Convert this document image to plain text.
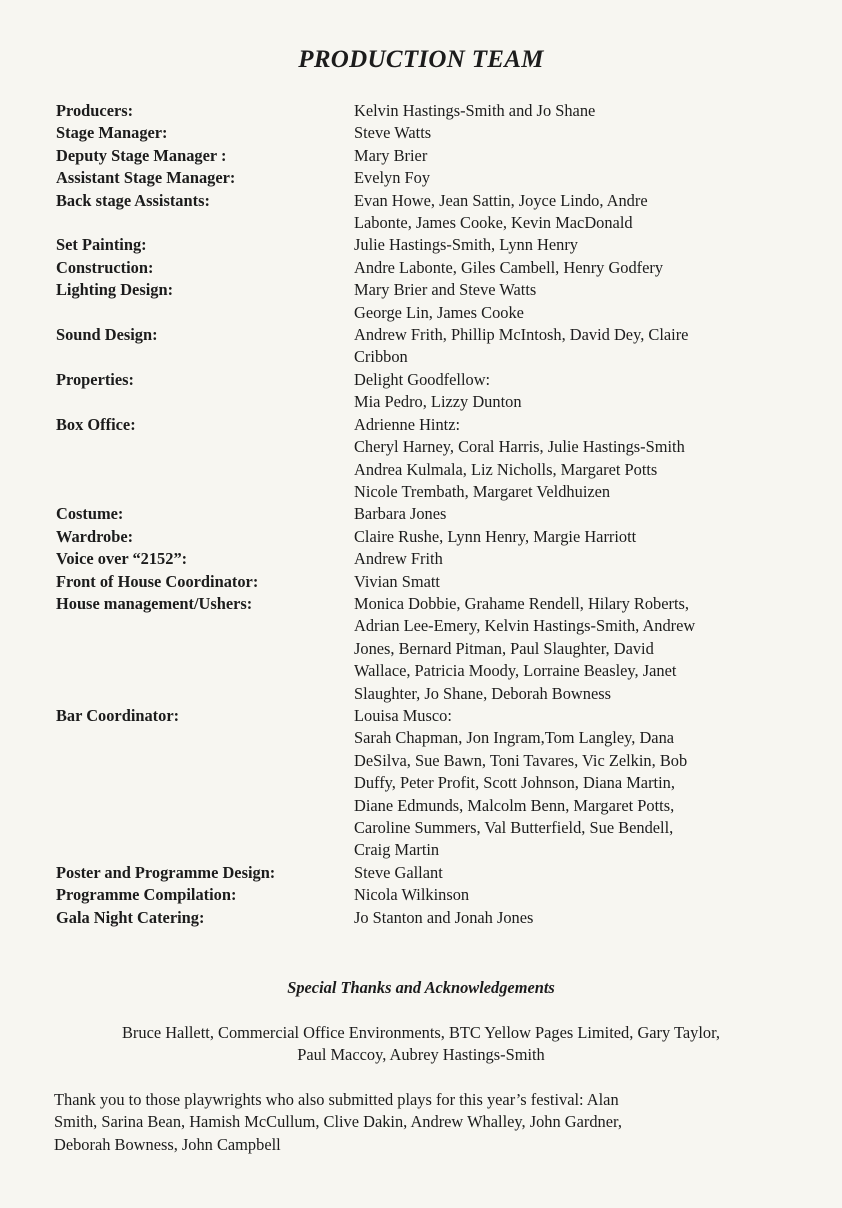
PRODUCTION TEAM
Producers:	Kelvin Hastings-Smith and Jo Shane
Stage Manager:	Steve Watts
Deputy Stage Manager :	Mary Brier
Assistant Stage Manager:	Evelyn Foy
Back stage Assistants:	Evan Howe, Jean Sattin, Joyce Lindo, Andre
Labonte, James Cooke, Kevin MacDonald
Set Painting:	Julie Hastings-Smith, Lynn Henry
Construction:	Andre Labonte, Giles Cambell, Henry Godfery
Lighting Design:	Mary Brier and Steve Watts
George Lin, James Cooke
Sound Design:	Andrew Frith, Phillip McIntosh, David Dey, Claire
Cribbon
Properties:	Delight Goodfellow:
Mia Pedro, Lizzy Dunton
Box Office:	Adrienne Hintz:
Cheryl Harney, Coral Harris, Julie Hastings-Smith
Andrea Kulmala, Liz Nicholls, Margaret Potts
Nicole Trembath, Margaret Veldhuizen
Costume:	Barbara Jones
Wardrobe:	Claire Rushe, Lynn Henry, Margie Harriott
Voice over “2152”:	Andrew Frith
Front of House Coordinator:	Vivian Smatt
House management/Ushers:	Monica Dobbie, Grahame Rendell, Hilary Roberts,
Adrian Lee-Emery, Kelvin Hastings-Smith, Andrew
Jones, Bernard Pitman, Paul Slaughter, David
Wallace, Patricia Moody, Lorraine Beasley, Janet
Slaughter, Jo Shane, Deborah Bowness
Bar Coordinator:	Louisa Musco:
Sarah Chapman, Jon Ingram,Tom Langley, Dana
DeSilva, Sue Bawn, Toni Tavares, Vic Zelkin, Bob
Duffy, Peter Profit, Scott Johnson, Diana Martin,
Diane Edmunds, Malcolm Benn, Margaret Potts,
Caroline Summers, Val Butterfield, Sue Bendell,
Craig Martin
Poster and Programme Design:	Steve Gallant
Programme Compilation:	Nicola Wilkinson
Gala Night Catering:	Jo Stanton and Jonah Jones
Special Thanks and Acknowledgements
Bruce Hallett, Commercial Office Environments, BTC Yellow Pages Limited, Gary Taylor,
Paul Maccoy, Aubrey Hastings-Smith
Thank you to those playwrights who also submitted plays for this year’s festival: Alan
Smith, Sarina Bean, Hamish McCullum, Clive Dakin, Andrew Whalley, John Gardner,
Deborah Bowness, John Campbell
